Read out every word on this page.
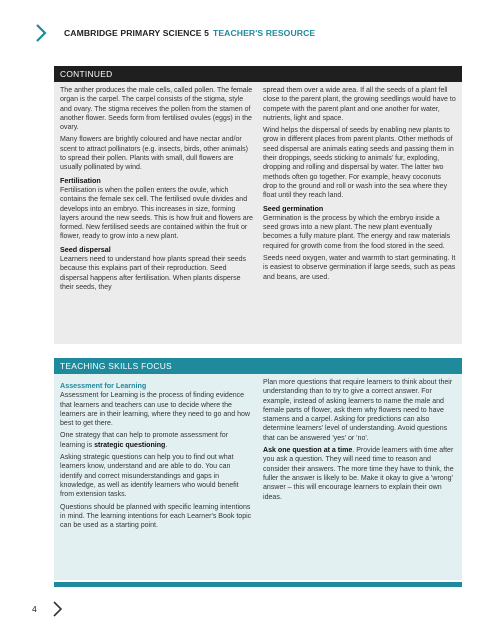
CAMBRIDGE PRIMARY SCIENCE 5 TEACHER'S RESOURCE
CONTINUED

The anther produces the male cells, called pollen. The female organ is the carpel. The carpel consists of the stigma, style and ovary. The stigma receives the pollen from the stamen of another flower. Seeds form from fertilised ovules (eggs) in the ovary.

Many flowers are brightly coloured and have nectar and/or scent to attract pollinators (e.g. insects, birds, other animals) to spread their pollen. Plants with small, dull flowers are usually pollinated by wind.

Fertilisation

Fertilisation is when the pollen enters the ovule, which contains the female sex cell. The fertilised ovule divides and develops into an embryo. This increases in size, forming layers around the new seeds. This is how fruit and flowers are formed. New fertilised seeds are contained within the fruit or flower, ready to grow into a new plant.

Seed dispersal

Learners need to understand how plants spread their seeds because this explains part of their reproduction. Seed dispersal happens after fertilisation. When plants disperse their seeds, they

spread them over a wide area. If all the seeds of a plant fell close to the parent plant, the growing seedlings would have to compete with the parent plant and one another for water, nutrients, light and space.

Wind helps the dispersal of seeds by enabling new plants to grow in different places from parent plants. Other methods of seed dispersal are animals eating seeds and passing them in their droppings, seeds sticking to animals' fur, exploding, dropping and rolling and dispersal by water. The latter two methods often go together. For example, heavy coconuts drop to the ground and roll or wash into the sea where they float until they reach land.

Seed germination

Germination is the process by which the embryo inside a seed grows into a new plant. The new plant eventually becomes a fully mature plant. The energy and raw materials required for growth come from the food stored in the seed.

Seeds need oxygen, water and warmth to start germinating. It is easiest to observe germination if large seeds, such as peas and beans, are used.

TEACHING SKILLS FOCUS
Assessment for Learning

Assessment for Learning is the process of finding evidence that learners and teachers can use to decide where the learners are in their learning, where they need to go and how best to get there.

One strategy that can help to promote assessment for learning is strategic questioning.

Asking strategic questions can help you to find out what learners know, understand and are able to do. You can identify and correct misunderstandings and gaps in knowledge, as well as identify learners who would benefit from extension tasks.

Questions should be planned with specific learning intentions in mind. The learning intentions for each Learner's Book topic can be used as a starting point.

Plan more questions that require learners to think about their understanding than to try to give a correct answer. For example, instead of asking learners to name the male and female parts of flower, ask them why flowers need to have stamens and a carpel. Asking for predictions can also determine learners' level of understanding. Avoid questions that can be answered 'yes' or 'no'.

Ask one question at a time. Provide learners with time after you ask a question. They will need time to reason and consider their answers. The more time they have to think, the fuller the answer is likely to be. Make it okay to give a 'wrong' answer – this will encourage learners to explain their own ideas.

4
